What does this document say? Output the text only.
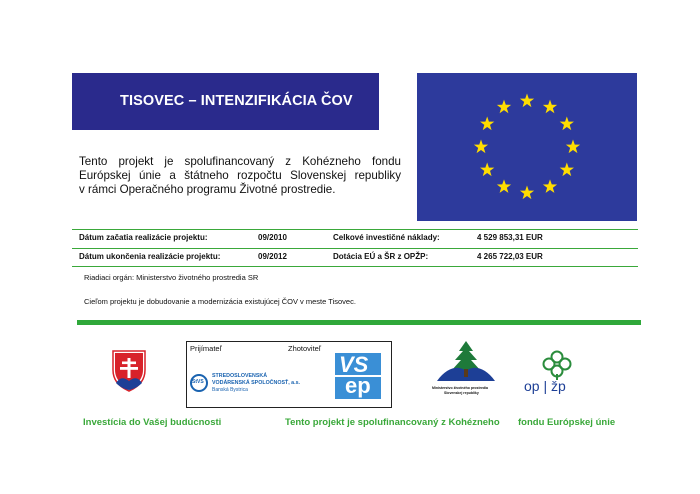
TISOVEC – INTENZIFIKÁCIA ČOV
Tento projekt je spolufinancovaný z Kohézneho fondu
Európskej únie a štátneho rozpočtu Slovenskej republiky
v rámci Operačného programu Životné prostredie.
Dátum začatia realizácie projektu:	09/2010	Celkové investičné náklady:	4 529 853,31 EUR
Dátum ukončenia realizácie projektu:	09/2012	Dotácia EÚ a ŠR z OPŽP:	4 265 722,03 EUR
Riadiaci orgán: Ministerstvo životného prostredia SR
Cieľom projektu je dobudovanie a modernizácia existujúcej ČOV v meste Tisovec.
Prijímateľ	Zhotoviteľ
StVS
STREDOSLOVENSKÁ
VODÁRENSKÁ SPOLOČNOSŤ, a.s.
Banská Bystrica
VS
ep	Ministerstvo životného prostredia
Slovenskej republiky	op | žp
Investícia do Vašej budúcnosti	Tento projekt je spolufinancovaný z Kohézneho fondu Európskej únie
